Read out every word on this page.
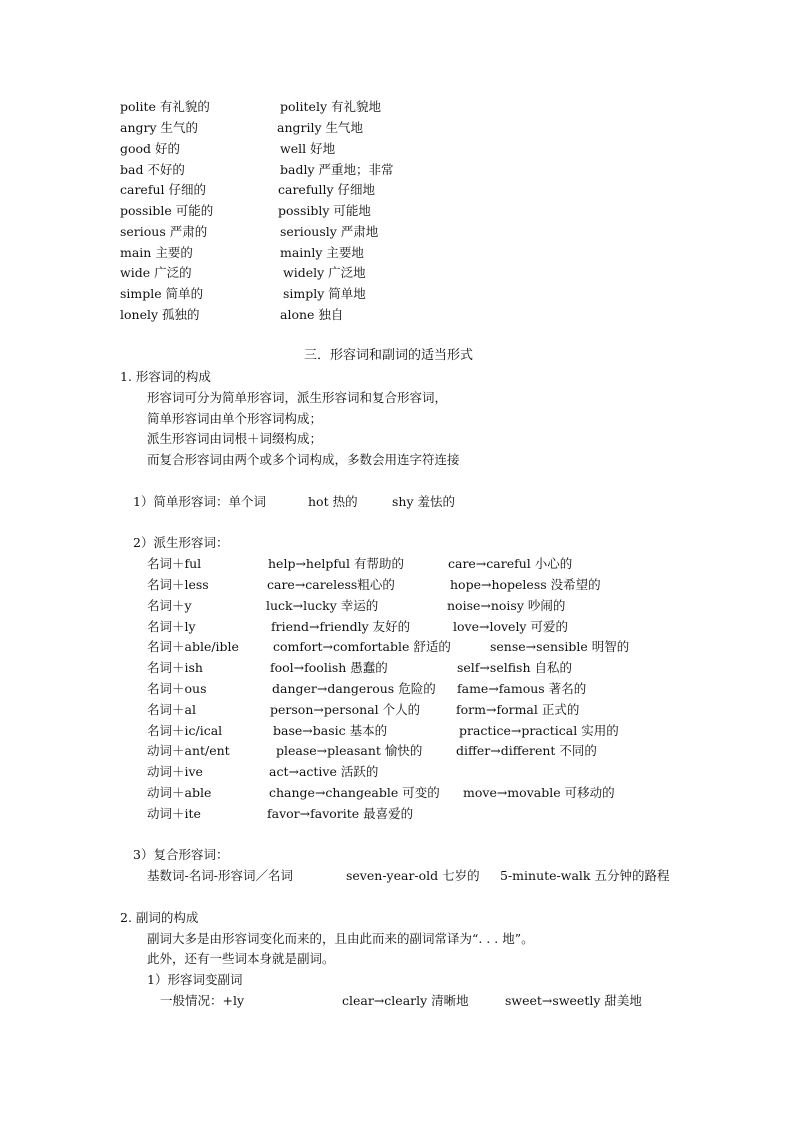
polite 有礼貌的	politely 有礼貌地
angry 生气的	angrily 生气地
good 好的	well 好地
bad 不好的	badly 严重地；非常
careful 仔细的	carefully 仔细地
possible 可能的	possibly 可能地
serious 严肃的	seriously 严肃地
main 主要的	mainly 主要地
wide 广泛的	widely 广泛地
simple 简单的	simply 简单地
lonely 孤独的	alone 独自
三．形容词和副词的适当形式
1. 形容词的构成
形容词可分为简单形容词，派生形容词和复合形容词，
简单形容词由单个形容词构成；
派生形容词由词根＋词缀构成；
而复合形容词由两个或多个词构成，多数会用连字符连接
1）简单形容词：单个词	hot 热的	shy 羞怯的
2）派生形容词：
名词＋ful	help→helpful 有帮助的	care→careful 小心的
名词＋less	care→careless粗心的	hope→hopeless 没希望的
名词＋y	luck→lucky 幸运的	noise→noisy 吵闹的
名词＋ly	friend→friendly 友好的	love→lovely 可爱的
名词＋able/ible	comfort→comfortable 舒适的	sense→sensible 明智的
名词＋ish	fool→foolish 愚蠢的	self→selfish 自私的
名词＋ous	danger→dangerous 危险的 fame→famous 著名的
名词＋al	person→personal 个人的	form→formal 正式的
名词＋ic/ical	base→basic 基本的	practice→practical 实用的
动词＋ant/ent	please→pleasant 愉快的	differ→different 不同的
动词＋ive	act→active 活跃的
动词＋able	change→changeable 可变的 move→movable 可移动的
动词＋ite	favor→favorite 最喜爱的
3）复合形容词：
基数词-名词-形容词／名词	seven-year-old 七岁的 5-minute-walk 五分钟的路程
2. 副词的构成
副词大多是由形容词变化而来的，且由此而来的副词常译为“. . . 地”。
此外，还有一些词本身就是副词。
1）形容词变副词
一般情况：+ly	clear→clearly 清晰地	sweet→sweetly 甜美地
